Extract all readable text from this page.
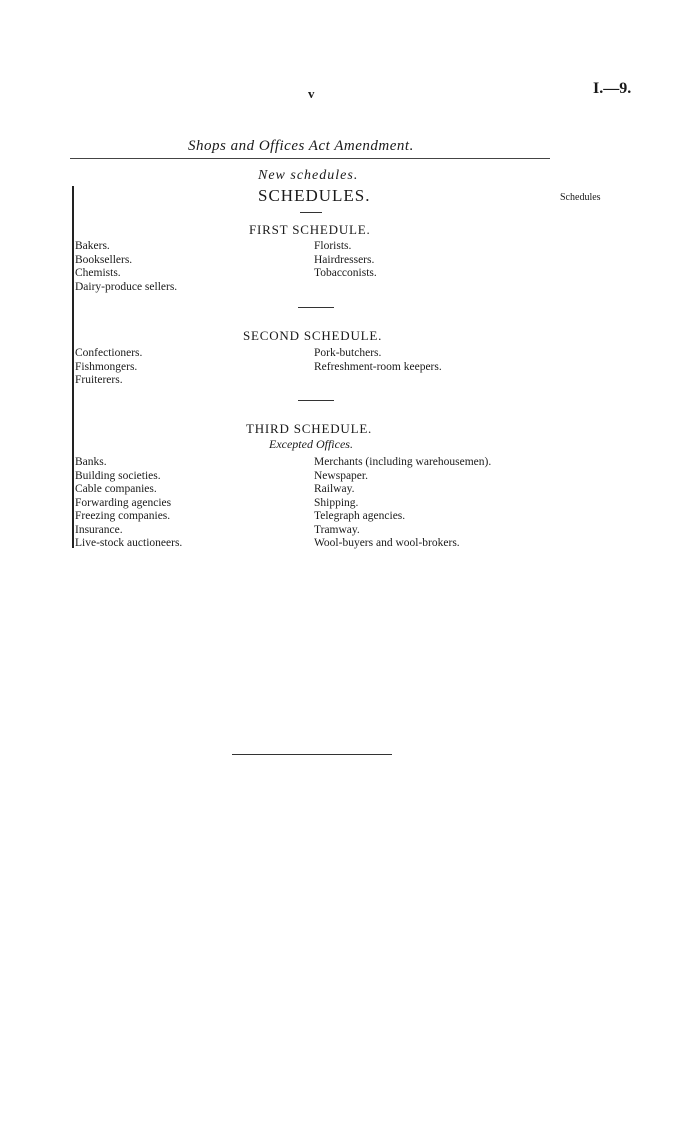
v	I.—9.
Shops and Offices Act Amendment.
New schedules.
SCHEDULES.	Schedules
FIRST SCHEDULE.
Bakers.
Booksellers.
Chemists.
Dairy-produce sellers.
Florists.
Hairdressers.
Tobacconists.
SECOND SCHEDULE.
Confectioners.
Fishmongers.
Fruiterers.
Pork-butchers.
Refreshment-room keepers.
THIRD SCHEDULE.
Excepted Offices.
Banks.
Building societies.
Cable companies.
Forwarding agencies
Freezing companies.
Insurance.
Live-stock auctioneers.
Merchants (including warehousemen).
Newspaper.
Railway.
Shipping.
Telegraph agencies.
Tramway.
Wool-buyers and wool-brokers.
